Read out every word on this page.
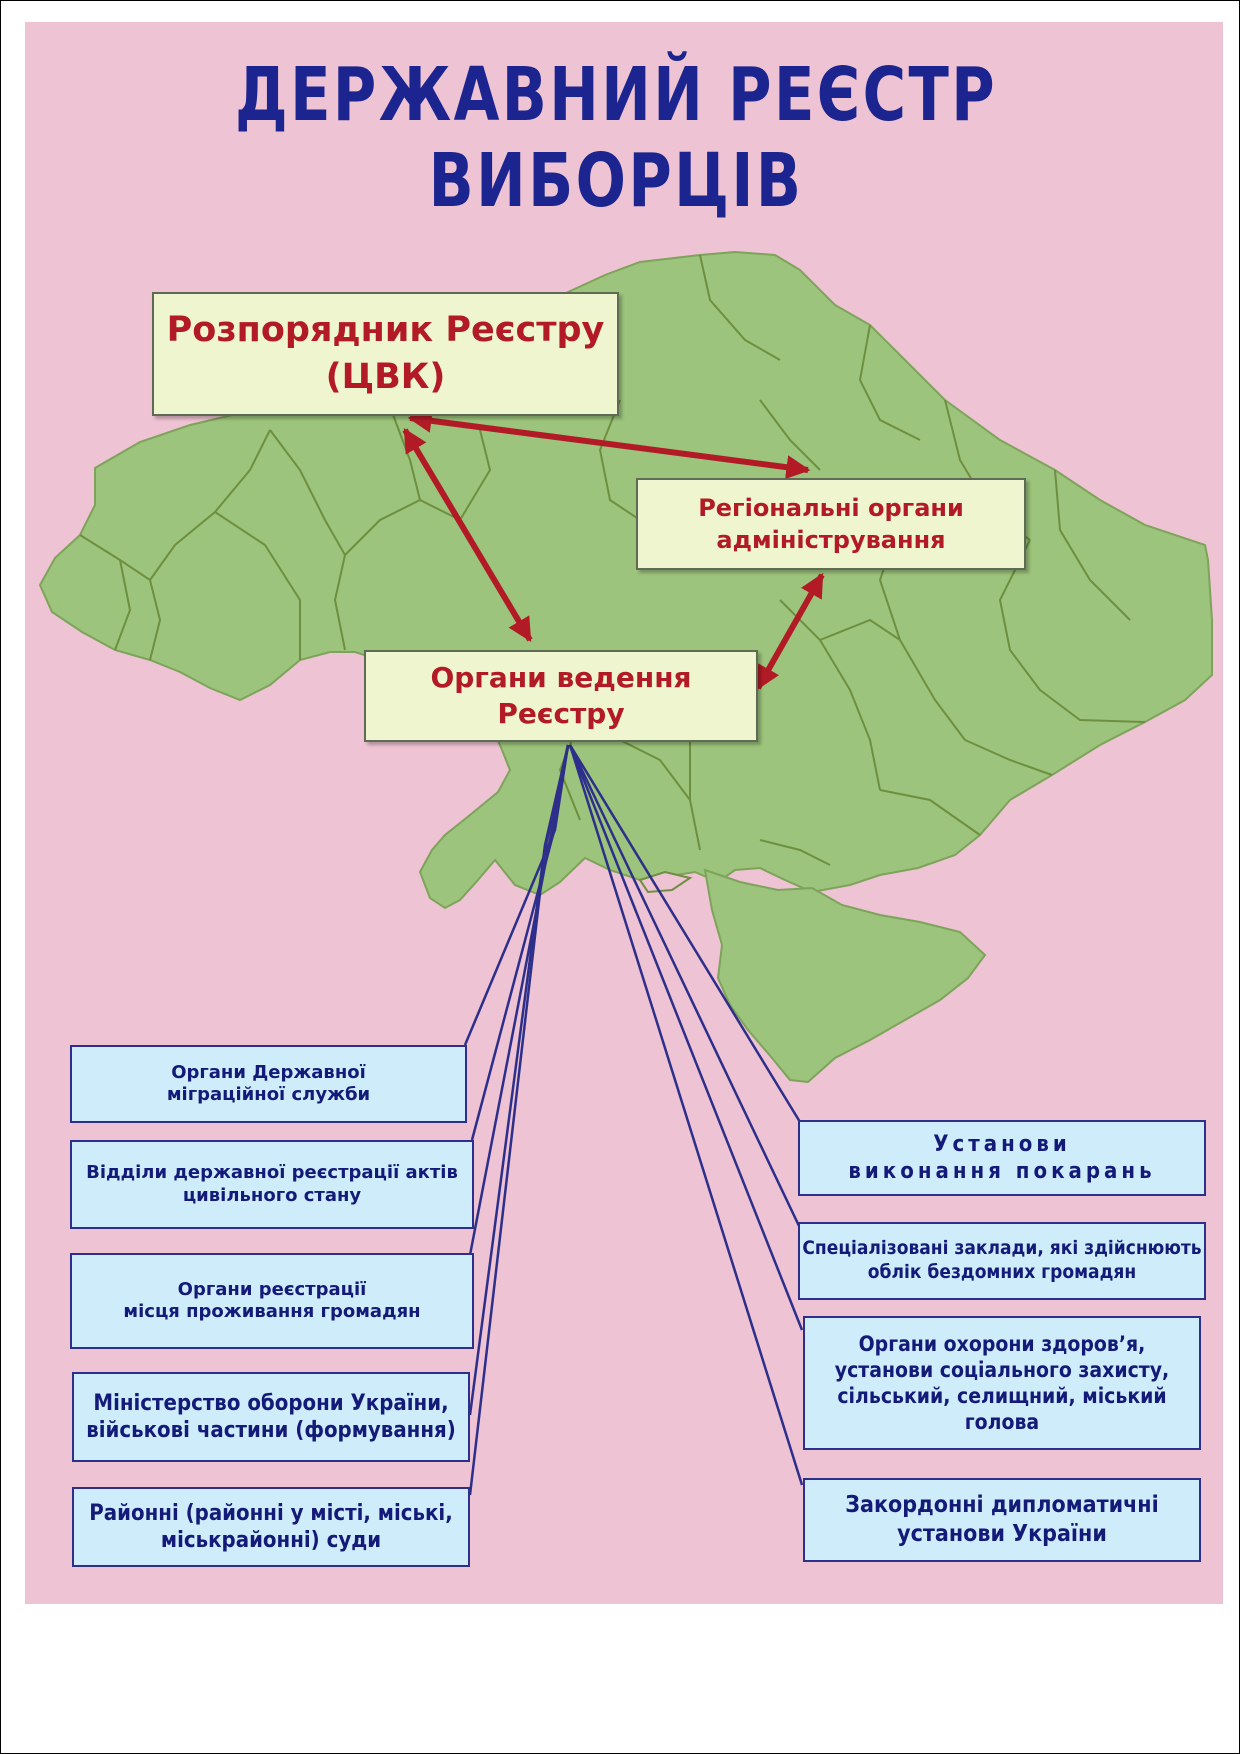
ДЕРЖАВНИЙ РЕЄСТР ВИБОРЦІВ
Розпорядник Реєстру
(ЦВК)
Регіональні органи
адміністрування
Органи ведення
Реєстру
Органи Державної
міграційної служби
Відділи державної реєстрації актів
цивільного стану
Органи реєстрації
місця проживання громадян
Міністерство оборони України,
військові частини (формування)
Районні (районні у місті, міські,
міськрайонні) суди
Установи
виконання покарань
Спеціалізовані заклади, які здійснюють
облік бездомних громадян
Органи охорони здоров’я,
установи соціального захисту,
сільський, селищний, міський голова
Закордонні дипломатичні
установи України
